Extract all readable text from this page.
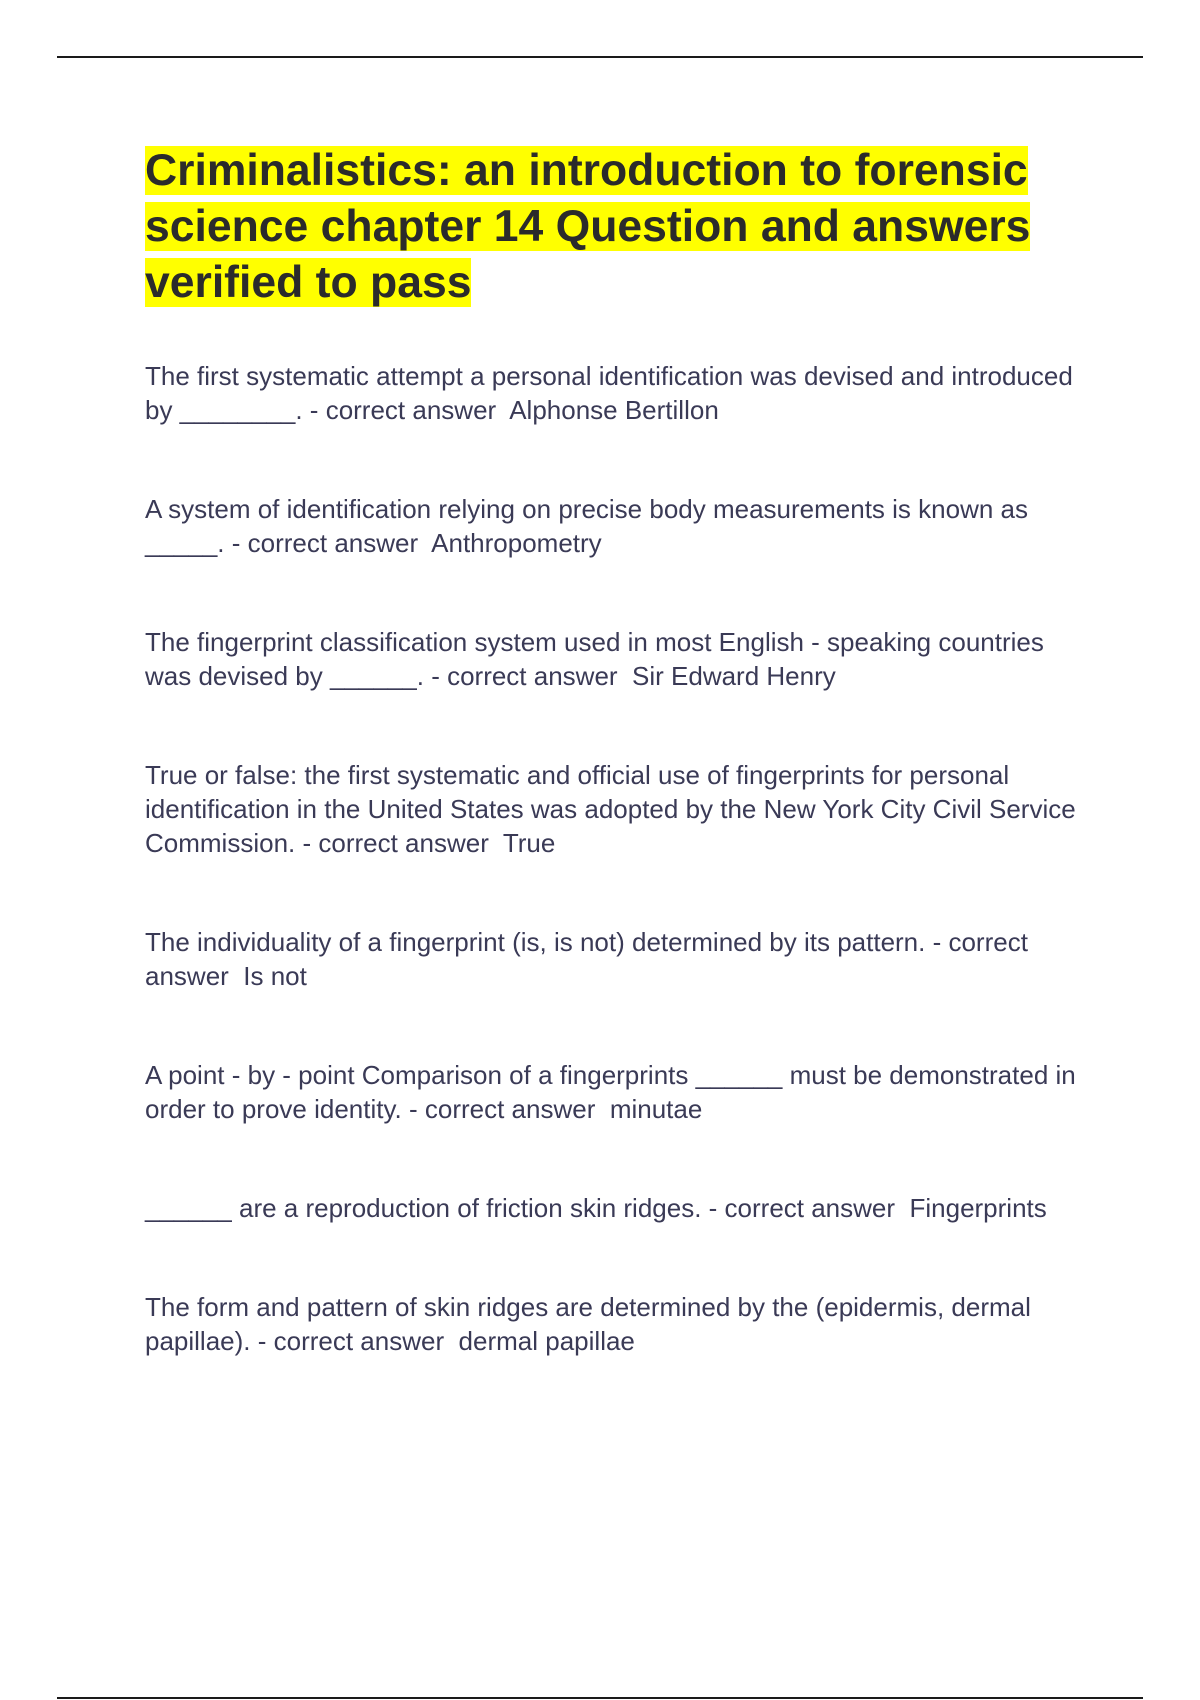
Criminalistics: an introduction to forensic science chapter 14 Question and answers verified to pass
The first systematic attempt a personal identification was devised and introduced by ________. - correct answer  Alphonse Bertillon
A system of identification relying on precise body measurements is known as _____. - correct answer  Anthropometry
The fingerprint classification system used in most English - speaking countries was devised by ______. - correct answer  Sir Edward Henry
True or false: the first systematic and official use of fingerprints for personal identification in the United States was adopted by the New York City Civil Service Commission. - correct answer  True
The individuality of a fingerprint (is, is not) determined by its pattern. - correct answer  Is not
A point - by - point Comparison of a fingerprints ______ must be demonstrated in order to prove identity. - correct answer  minutae
______ are a reproduction of friction skin ridges. - correct answer  Fingerprints
The form and pattern of skin ridges are determined by the (epidermis, dermal papillae). - correct answer  dermal papillae
